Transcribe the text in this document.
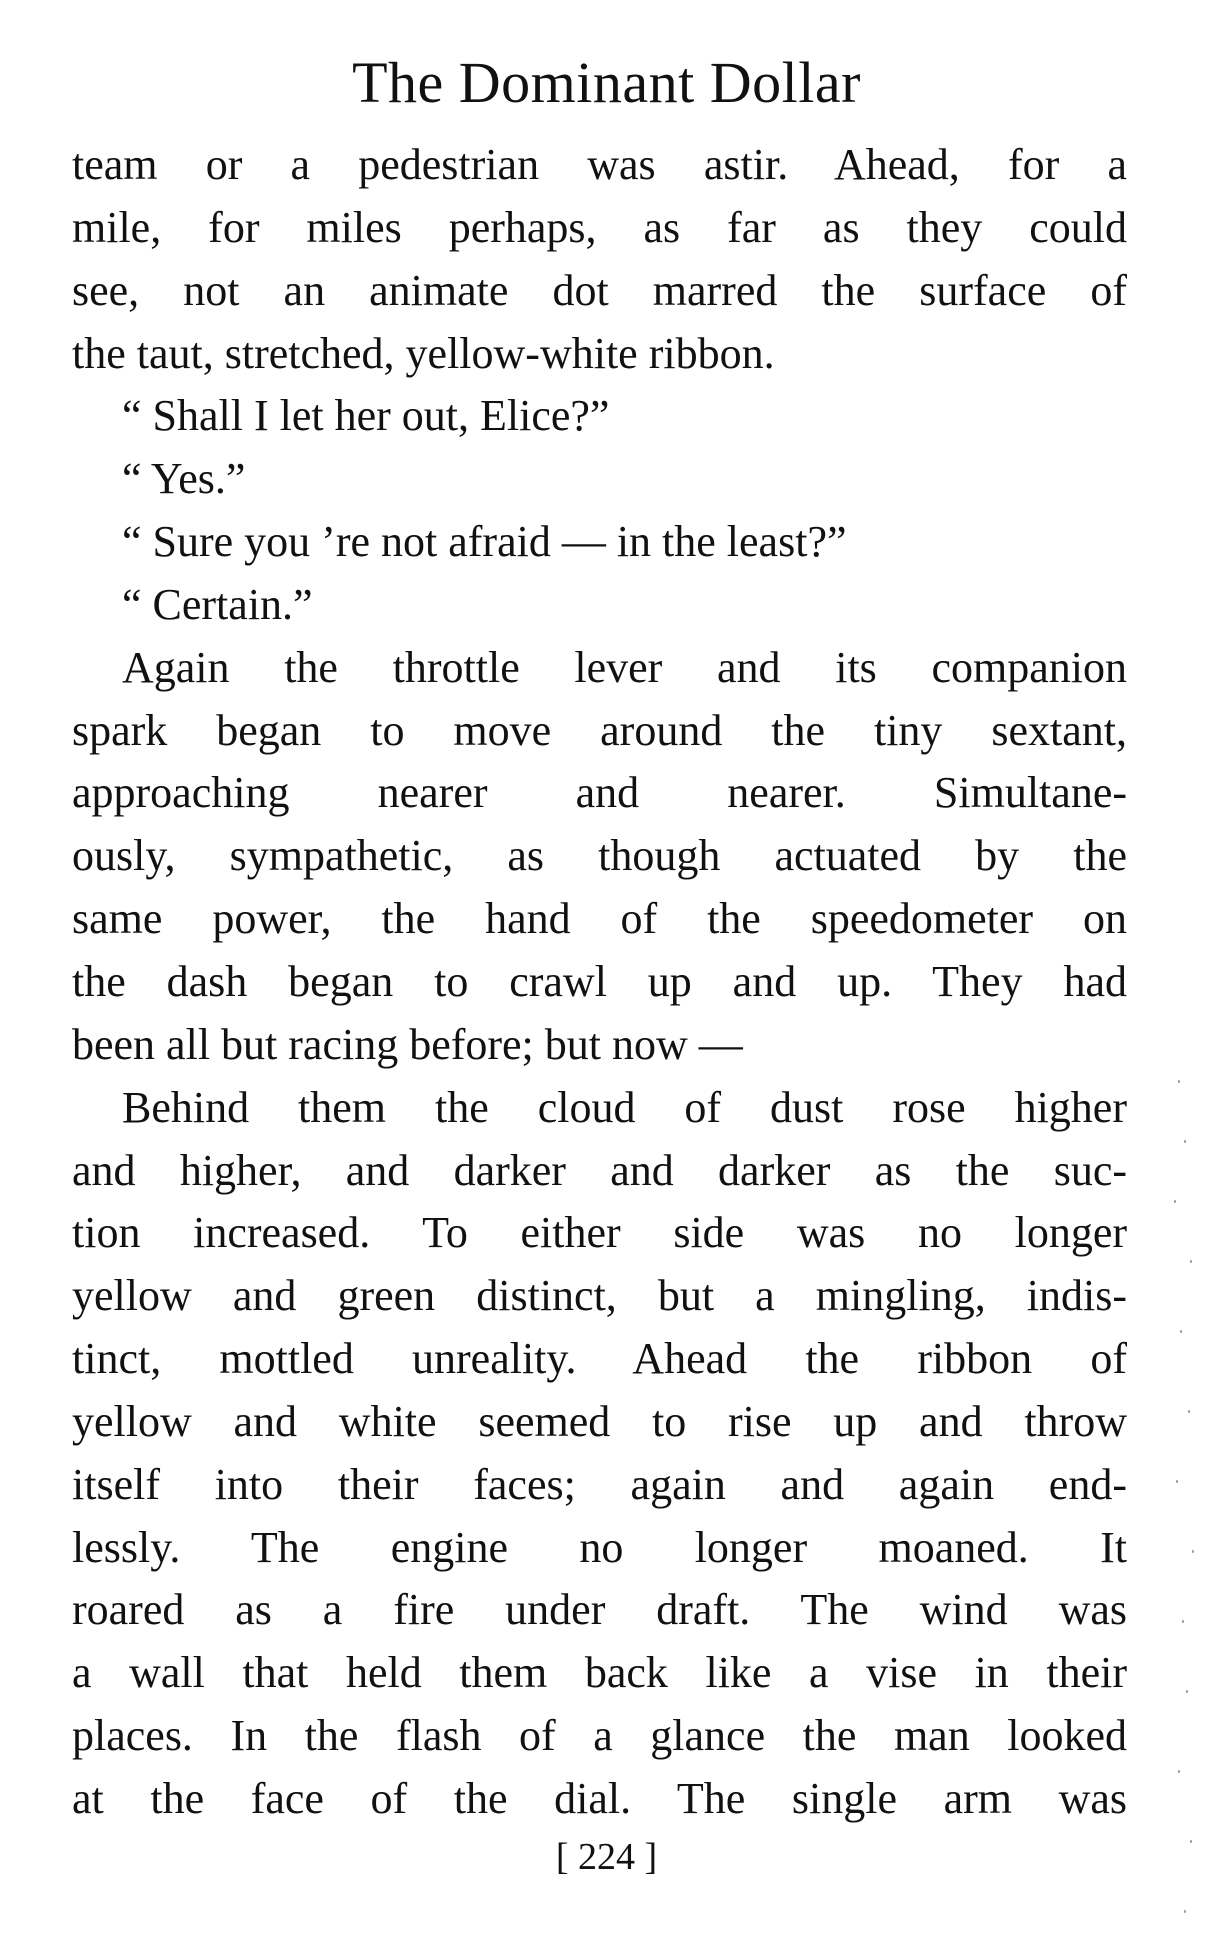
The Dominant Dollar
team or a pedestrian was astir. Ahead, for a
mile, for miles perhaps, as far as they could
see, not an animate dot marred the surface of
the taut, stretched, yellow-white ribbon.
“ Shall I let her out, Elice?”
“ Yes.”
“ Sure you ’re not afraid — in the least?”
“ Certain.”
Again the throttle lever and its companion
spark began to move around the tiny sextant,
approaching nearer and nearer. Simultane-
ously, sympathetic, as though actuated by the
same power, the hand of the speedometer on
the dash began to crawl up and up. They had
been all but racing before; but now —
Behind them the cloud of dust rose higher
and higher, and darker and darker as the suc-
tion increased. To either side was no longer
yellow and green distinct, but a mingling, indis-
tinct, mottled unreality. Ahead the ribbon of
yellow and white seemed to rise up and throw
itself into their faces; again and again end-
lessly. The engine no longer moaned. It
roared as a fire under draft. The wind was
a wall that held them back like a vise in their
places. In the flash of a glance the man looked
at the face of the dial. The single arm was
[ 224 ]
